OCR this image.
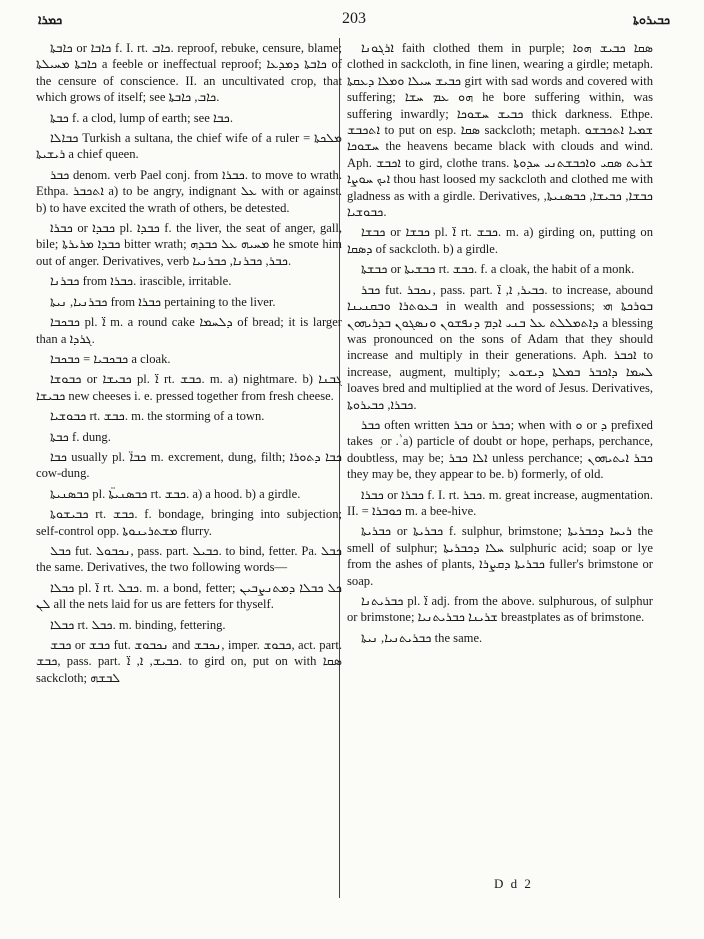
ܟܡܪܐ	203	ܟܒܝܪܘܬܐ

ܟܐܒܬܐ or ܟܐܒܐ f. I. rt. ܟܐܒ. reproof, rebuke, censure, blame; ܟܐܒܬܐ ܡܚܝܠܬܐ a feeble or ineffectual reproof; ܟܐܒܬܐ ܕܡܕܥܐ of the censure of conscience. II. an uncultivated crop, that which grows of itself; see ܟܐܒ, ܟܐܒܬܐ.

ܟܒܬܐ f. a clod, lump of earth; see ܟܒܐ.

ܟܒܐܠܐ Turkish a sultana, the chief wife of a ruler = ܡܠܟܬܐ ܪܝܫܝܬܐ a chief queen.

ܟܒܪ denom. verb Pael conj. from ܟܒܪܐ. to move to wrath. Ethpa. ܐܬܟܒܪ a) to be angry, indignant ܥܠ with or against. b) to have excited the wrath of others, be detested.

ܟܒܪܐ or ܟܒܕܐ pl. ܟܒܕܐ f. the liver, the seat of anger, gall, bile; ܟܒܕܐ ܡܪܝܪܬܐ bitter wrath; ܡܚܝܗ ܥܠ ܟܒܕܗ he smote him out of anger. Derivatives, verb ܟܒܪ, ܟܒܪܢܐ, ܟܒܪܢܝܐ.

ܟܒܪܢܐ from ܟܒܪܐ. irascible, irritable.

ܟܒܪܢܝܐ, ܢܝܬܐ from ܟܒܪܐ pertaining to the liver.

ܟܒܟܒܐ pl. ܐ̈ m. a round cake ܕܠܚܡܐ of bread; it is larger than a ܓܪܕܐ.

ܟܒܟܒܝܐ = ܟܒܟܒܐ a cloak.

ܟܒܘܫܐ or ܟܒܝܫܐ pl. ܐ̈ rt. ܟܒܫ. m. a) nightmare. b) ܓܒܢܐ ܟܒܝܫܐ new cheeses i. e. pressed together from fresh cheese.

ܟܒܘܫܝܐ rt. ܟܒܫ. m. the storming of a town.

ܟܒܬܐ f. dung.

ܟܒܐ usually pl. ܟܒܐ̈ m. excrement, dung, filth; ܟܒܐ ܕܬܘܪܐ cow-dung.

ܟܒܣܢܝܬܐ pl. ܟܒܣܢܝܬܐ̈ rt. ܟܒܫ. a) a hood. b) a girdle.

ܟܒܝܫܘܬܐ rt. ܟܒܫ. f. bondage, bringing into subjection; self-control opp. ܡܫܬܪܝܢܘܬܐ flurry.

ܟܒܠ fut. ܢܟܒܘܠ, pass. part. ܟܒܝܠ. to bind, fetter. Pa. ܟܒܠ the same. Derivatives, the two following words—

ܟܒܠܐ pl. ܐ̈ rt. ܟܒܠ. m. a bond, fetter; ܟܠ ܟܒܠܐ ܕܡܬܢܨܒܝܢ ܠܢ all the nets laid for us are fetters for thyself.

ܟܒܠܐ rt. ܟܒܠ. m. binding, fettering.

ܟܒܫ or ܟܒܫ fut. ܢܟܒܘܫ and ܢܟܒܫ, imper. ܟܒܘܫ, act. part. ܟܒܫ, pass. part. ܟܒܝܫ, ܐ, ܐ̈. to gird on, put on with ܣܩܐ sackcloth; ܠܒܫܗ

ܐܪܓܘܢܐ faith clothed them in purple; ܣܩܐ ܟܒܝܫ ܗܘܐ clothed in sackcloth, in fine linen, wearing a girdle; metaph. ܟܒܝܫ ܚܝܠܐ ܘܡܠܐ ܕܥܩܬܐ girt with sad words and covered with suffering; ܗܘ ܥܡ ܚܫܐ he bore suffering within, was suffering inwardly; ܟܒܝܫ ܚܫܘܟܐ thick darkness. Ethpe. ܐܬܟܒܫ to put on esp. ܣܩܐ sackcloth; metaph. ܫܡܝܐ ܐܬܟܒܫܘ ܚܫܘܟܐ the heavens became black with clouds and wind. Aph. ܐܟܒܫ to gird, clothe trans. ܫܪܝܬ ܣܩܝ ܘܐܟܒܫܬܢܝ ܚܕܘܬܐ ܐܝܟ ܚܘܨܐ thou hast loosed my sackcloth and clothed me with gladness as with a girdle. Derivatives, ܟܒܫܐ, ܟܒܝܫܐ, ܟܒܣܢܝܬܐ, ܟܒܘܫܝܐ.

ܟܒܫܐ or ܟܒܫܐ pl. ܐ̈ rt. ܟܒܫ. m. a) girding on, putting on ܕܣܩܐ of sackcloth. b) a girdle.

ܟܒܫܬܐ or ܟܒܫܝܬܐ rt. ܟܒܫ. f. a cloak, the habit of a monk.

ܟܒܪ fut. ܢܟܒܪ, pass. part. ܟܒܝܪ, ܐ, ܐ̈. to increase, abound ܒܥܘܬܪܐ ܘܒܩܢܝܢܐ in wealth and possessions; ܒܘܪܟܬܐ ܗܝ ܕܐܬܡܠܠܬ ܥܠ ܒܢܝ ܐܕܡ ܕܢܦܫܘܢ ܘܢܣܓܘܢ ܒܕܪܝܗܘܢ a blessing was pronounced on the sons of Adam that they should increase and multiply in their generations. Aph. ܐܟܒܪ to increase, augment, multiply; ܠܚܡܐ ܕܐܟܒܪ ܒܡܠܬܐ ܕܝܫܘܥ loaves bred and multiplied at the word of Jesus. Derivatives, ܟܒܪܐ, ܟܒܝܪܘܬܐ.

ܟܒܪ often written ܟܒܪ or ܟܒܪ; when with ܘ or ܕ prefixed takes ܼ or ܵ. a) particle of doubt or hope, perhaps, perchance, doubtless, may be; ܐܠܐ ܟܒܪ unless perchance; ܟܒܪ ܐܝܬܝܗܘܢ they may be, they appear to be. b) formerly, of old.

ܟܒܪܐ or ܟܒܪܐ f. I. rt. ܟܒܪ. m. great increase, augmentation. II. = ܟܘܒܪܐ m. a bee-hive.

ܟܒܪܝܬܐ or ܟܒܪܝܬܐ f. sulphur, brimstone; ܪܝܚܐ ܕܟܒܪܝܬܐ the smell of sulphur; ܚܠܐ ܕܟܒܪܝܬܐ sulphuric acid; soap or lye from the ashes of plants, ܟܒܪܝܬܐ ܕܩܨܪܐ fuller's brimstone or soap.

ܟܒܪܝܬܢܐ pl. ܐ̈ adj. from the above. sulphurous, of sulphur or brimstone; ܫܪܝܢܐ ܟܒܪܝܬܢܝܐ breastplates as of brimstone.

ܟܒܪܝܬܢܝܐ, ܢܝܬܐ the same.

D d 2
